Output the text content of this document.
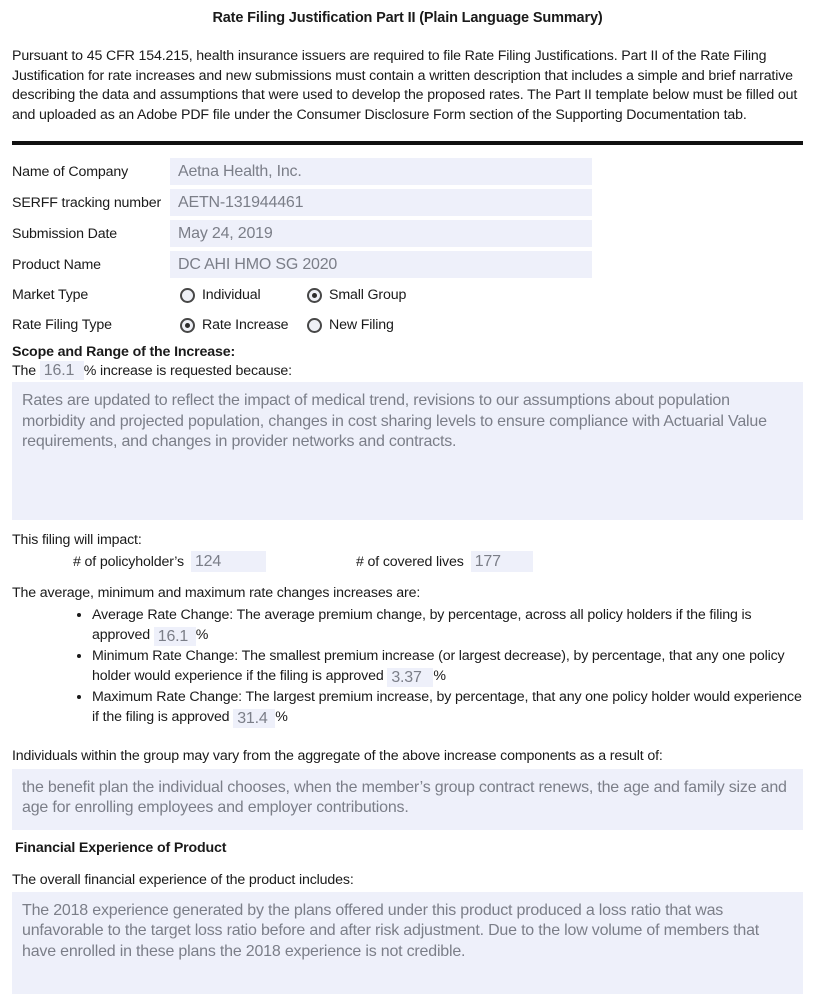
Rate Filing Justification Part II (Plain Language Summary)
Pursuant to 45 CFR 154.215, health insurance issuers are required to file Rate Filing Justifications. Part II of the Rate Filing Justification for rate increases and new submissions must contain a written description that includes a simple and brief narrative describing the data and assumptions that were used to develop the proposed rates. The Part II template below must be filled out and uploaded as an Adobe PDF file under the Consumer Disclosure Form section of the Supporting Documentation tab.
Name of Company	Aetna Health, Inc.
SERFF tracking number	AETN-131944461
Submission Date	May 24, 2019
Product Name	DC AHI HMO SG 2020
Market Type	Individual	Small Group
Rate Filing Type	Rate Increase	New Filing
Scope and Range of the Increase:
The
16.1 % increase is requested because:
Rates are updated to reflect the impact of medical trend, revisions to our assumptions about population morbidity and projected population, changes in cost sharing levels to ensure compliance with Actuarial Value requirements, and changes in provider networks and contracts.
This filing will impact:
# of policyholder’s 124	# of covered lives 177
The average, minimum and maximum rate changes increases are:
• Average Rate Change: The average premium change, by percentage, across all policy holders if the filing is approved 16.1 %
• Minimum Rate Change: The smallest premium increase (or largest decrease), by percentage, that any one policy holder would experience if the filing is approved 3.37 %
• Maximum Rate Change: The largest premium increase, by percentage, that any one policy holder would experience if the filing is approved 31.4 %
Individuals within the group may vary from the aggregate of the above increase components as a result of:
the benefit plan the individual chooses, when the member’s group contract renews, the age and family size and age for enrolling employees and employer contributions.
Financial Experience of Product
The overall financial experience of the product includes:
The 2018 experience generated by the plans offered under this product produced a loss ratio that was unfavorable to the target loss ratio before and after risk adjustment. Due to the low volume of members that have enrolled in these plans the 2018 experience is not credible.
